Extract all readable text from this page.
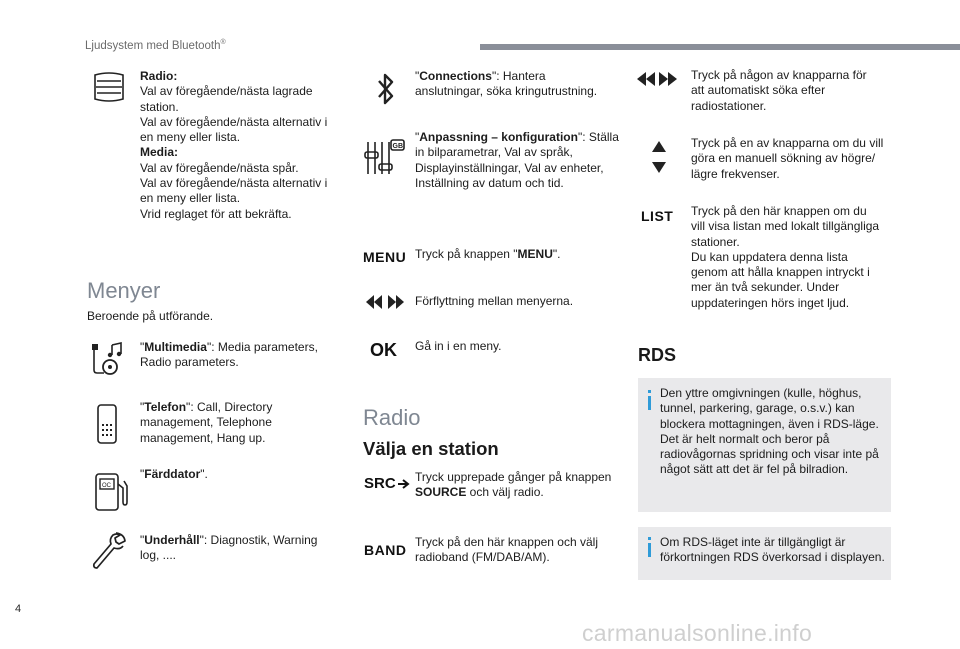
Ljudsystem med Bluetooth®
Radio:
Val av föregående/nästa lagrade station.
Val av föregående/nästa alternativ i en meny eller lista.
Media:
Val av föregående/nästa spår.
Val av föregående/nästa alternativ i en meny eller lista.
Vrid reglaget för att bekräfta.
Menyer
Beroende på utförande.
"Multimedia": Media parameters, Radio parameters.
"Telefon": Call, Directory management, Telephone management, Hang up.
OC
"Färddator".
"Underhåll": Diagnostik, Warning log, ....
"Connections": Hantera anslutningar, söka kringutrustning.
GB
"Anpassning – konfiguration": Ställa in bilparametrar, Val av språk, Displayinställningar, Val av enheter, Inställning av datum och tid.
MENU Tryck på knappen "MENU".
Förflyttning mellan menyerna.
OK Gå in i en meny.
Radio
Välja en station
SRC	Tryck upprepade gånger på knappen SOURCE och välj radio.
BAND Tryck på den här knappen och välj radioband (FM/DAB/AM).
Tryck på någon av knapparna för att automatiskt söka efter radiostationer.
Tryck på en av knapparna om du vill göra en manuell sökning av högre/ lägre frekvenser.
LIST Tryck på den här knappen om du vill visa listan med lokalt tillgängliga stationer.
Du kan uppdatera denna lista genom att hålla knappen intryckt i mer än två sekunder. Under uppdateringen hörs inget ljud.
RDS
Den yttre omgivningen (kulle, höghus, tunnel, parkering, garage, o.s.v.) kan blockera mottagningen, även i RDS-läge. Det är helt normalt och beror på radiovågornas spridning och visar inte på något sätt att det är fel på bilradion.
Om RDS-läget inte är tillgängligt är förkortningen RDS överkorsad i displayen.
4
carmanualsonline.info
